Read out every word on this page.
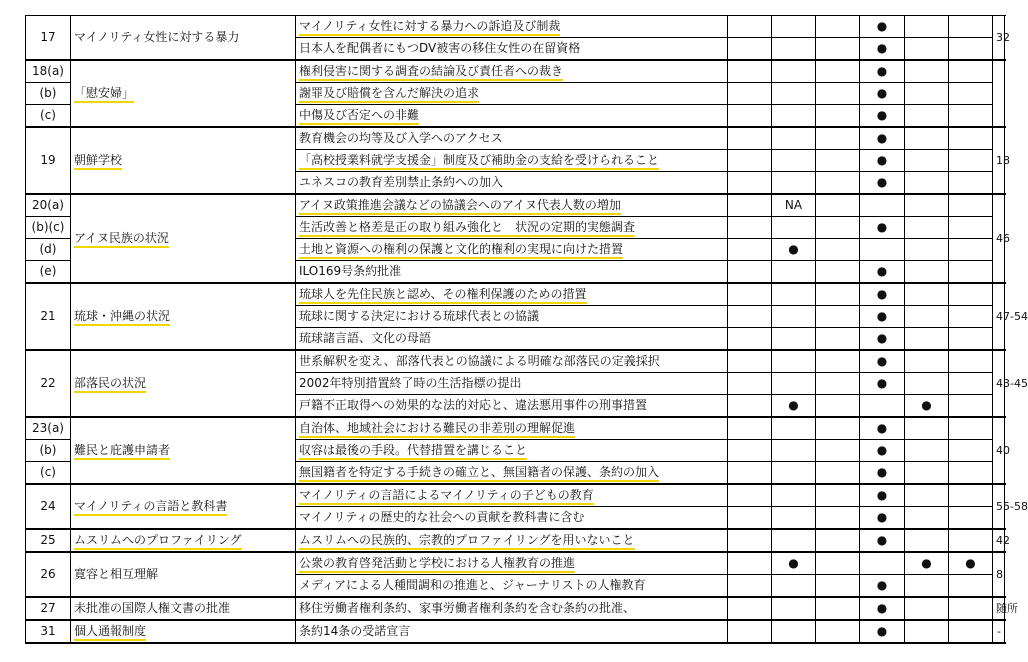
17	マイノリティ女性に対する暴力	マイノリティ女性に対する暴力への訴追及び制裁				●			32
		日本人を配偶者にもつDV被害の移住女性の在留資格				●			
18(a)	「慰安婦」	権利侵害に関する調査の結論及び責任者への裁き				●			
(b)		謝罪及び賠償を含んだ解決の追求				●			
(c)		中傷及び否定への非難				●			
19	朝鮮学校	教育機会の均等及び入学へのアクセス				●			18
		「高校授業料就学支援金」制度及び補助金の支給を受けられること				●			
		ユネスコの教育差別禁止条約への加入				●			
20(a)	アイヌ民族の状況	アイヌ政策推進会議などの協議会へのアイヌ代表人数の増加		NA					46
(b)(c)		生活改善と格差是正の取り組み強化と　状況の定期的実態調査				●			
(d)		土地と資源への権利の保護と文化的権利の実現に向けた措置		●					
(e)		ILO169号条約批准				●			
21	琉球・沖縄の状況	琉球人を先住民族と認め、その権利保護のための措置				●			47-54
		琉球に関する決定における琉球代表との協議				●			
		琉球諸言語、文化の母語				●			
22	部落民の状況	世系解釈を変え、部落代表との協議による明確な部落民の定義採択				●			43-45
		2002年特別措置終了時の生活指標の提出				●			
		戸籍不正取得への効果的な法的対応と、違法悪用事件の刑事措置		●			●		
23(a)	難民と庇護申請者	自治体、地域社会における難民の非差別の理解促進				●			40
(b)		収容は最後の手段。代替措置を講じること				●			
(c)		無国籍者を特定する手続きの確立と、無国籍者の保護、条約の加入				●			
24	マイノリティの言語と教科書	マイノリティの言語によるマイノリティの子どもの教育				●			55-58
		マイノリティの歴史的な社会への貢献を教科書に含む				●			
25	ムスリムへのプロファイリング	ムスリムへの民族的、宗教的プロファイリングを用いないこと				●			42
26	寛容と相互理解	公衆の教育啓発活動と学校における人権教育の推進		●			●	●	8
		メディアによる人種間調和の推進と、ジャーナリストの人権教育				●			
27	未批准の国際人権文書の批准	移住労働者権利条約、家事労働者権利条約を含む条約の批准、				●			随所
31	個人通報制度	条約14条の受諾宣言				●			-
